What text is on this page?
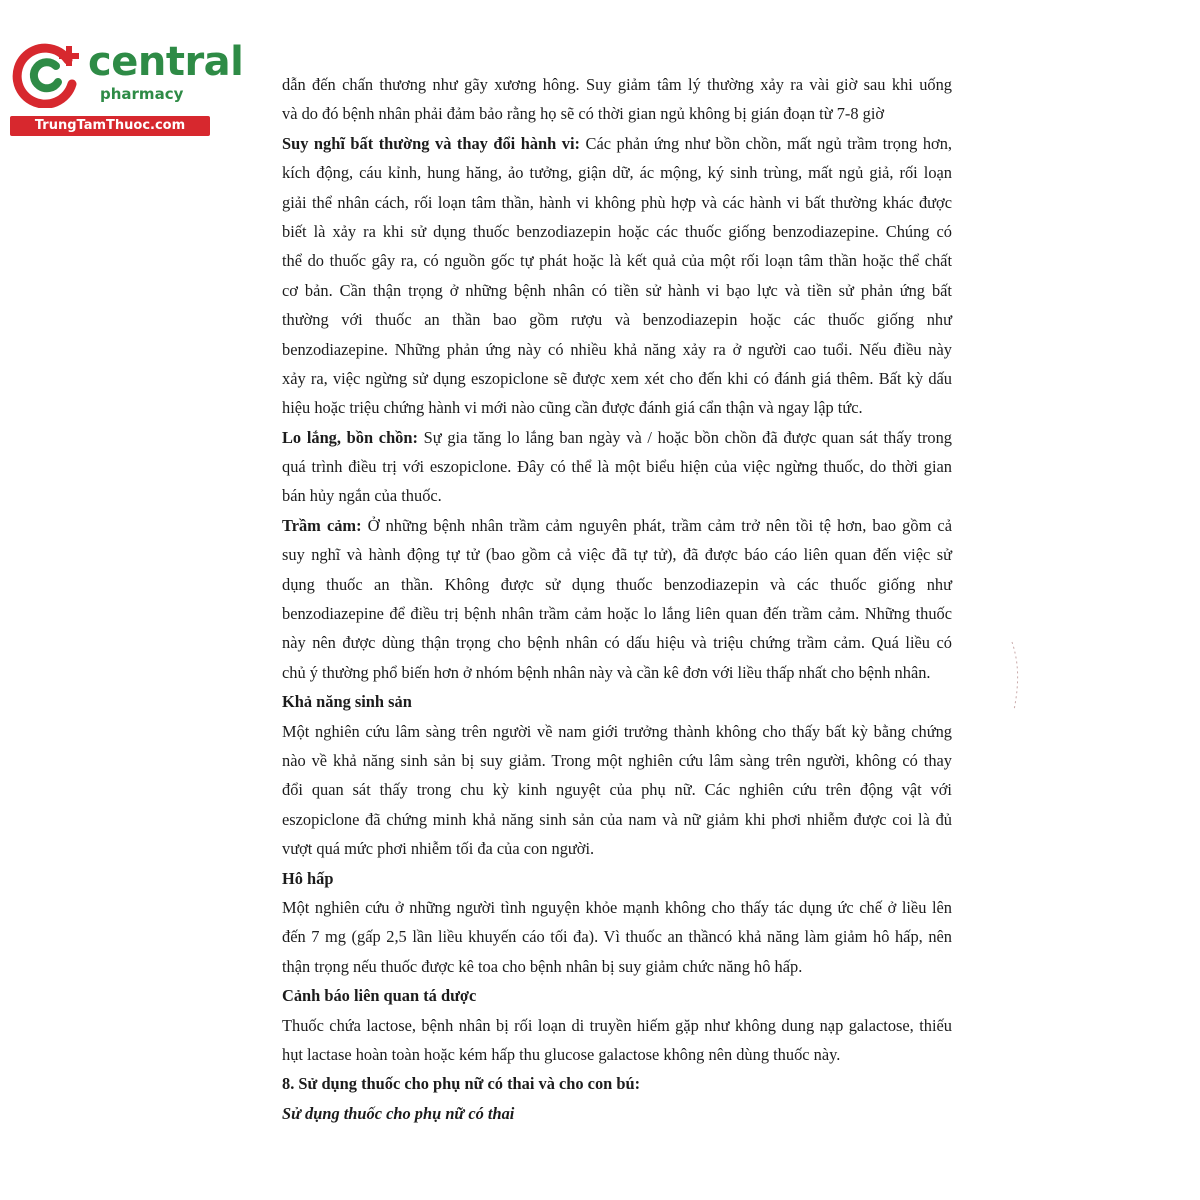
central
pharmacy
TrungTamThuoc.com
dẫn đến chấn thương như gãy xương hông. Suy giảm tâm lý thường xảy ra vài giờ sau khi uống
và do đó bệnh nhân phải đảm bảo rằng họ sẽ có thời gian ngủ không bị gián đoạn từ 7-8 giờ
Suy nghĩ bất thường và thay đổi hành vi: Các phản ứng như bồn chồn, mất ngủ trầm trọng hơn,
kích động, cáu kỉnh, hung hăng, ảo tưởng, giận dữ, ác mộng, ký sinh trùng, mất ngủ giả, rối loạn
giải thể nhân cách, rối loạn tâm thần, hành vi không phù hợp và các hành vi bất thường khác được
biết là xảy ra khi sử dụng thuốc benzodiazepin hoặc các thuốc giống benzodiazepine. Chúng có
thể do thuốc gây ra, có nguồn gốc tự phát hoặc là kết quả của một rối loạn tâm thần hoặc thể chất
cơ bản. Cần thận trọng ở những bệnh nhân có tiền sử hành vi bạo lực và tiền sử phản ứng bất
thường với thuốc an thần bao gồm rượu và benzodiazepin hoặc các thuốc giống như
benzodiazepine. Những phản ứng này có nhiều khả năng xảy ra ở người cao tuổi. Nếu điều này
xảy ra, việc ngừng sử dụng eszopiclone sẽ được xem xét cho đến khi có đánh giá thêm. Bất kỳ dấu
hiệu hoặc triệu chứng hành vi mới nào cũng cần được đánh giá cẩn thận và ngay lập tức.
Lo lắng, bồn chồn: Sự gia tăng lo lắng ban ngày và / hoặc bồn chồn đã được quan sát thấy trong
quá trình điều trị với eszopiclone. Đây có thể là một biểu hiện của việc ngừng thuốc, do thời gian
bán hủy ngắn của thuốc.
Trầm cảm: Ở những bệnh nhân trầm cảm nguyên phát, trầm cảm trở nên tồi tệ hơn, bao gồm cả
suy nghĩ và hành động tự tử (bao gồm cả việc đã tự tử), đã được báo cáo liên quan đến việc sử
dụng thuốc an thần. Không được sử dụng thuốc benzodiazepin và các thuốc giống như
benzodiazepine để điều trị bệnh nhân trầm cảm hoặc lo lắng liên quan đến trầm cảm. Những thuốc
này nên được dùng thận trọng cho bệnh nhân có dấu hiệu và triệu chứng trầm cảm. Quá liều có
chủ ý thường phổ biến hơn ở nhóm bệnh nhân này và cần kê đơn với liều thấp nhất cho bệnh nhân.
Khả năng sinh sản
Một nghiên cứu lâm sàng trên người về nam giới trưởng thành không cho thấy bất kỳ bằng chứng
nào về khả năng sinh sản bị suy giảm. Trong một nghiên cứu lâm sàng trên người, không có thay
đổi quan sát thấy trong chu kỳ kinh nguyệt của phụ nữ. Các nghiên cứu trên động vật với
eszopiclone đã chứng minh khả năng sinh sản của nam và nữ giảm khi phơi nhiễm được coi là đủ
vượt quá mức phơi nhiễm tối đa của con người.
Hô hấp
Một nghiên cứu ở những người tình nguyện khỏe mạnh không cho thấy tác dụng ức chế ở liều lên
đến 7 mg (gấp 2,5 lần liều khuyến cáo tối đa). Vì thuốc an thầncó khả năng làm giảm hô hấp, nên
thận trọng nếu thuốc được kê toa cho bệnh nhân bị suy giảm chức năng hô hấp.
Cảnh báo liên quan tá dược
Thuốc chứa lactose, bệnh nhân bị rối loạn di truyền hiếm gặp như không dung nạp galactose, thiếu
hụt lactase hoàn toàn hoặc kém hấp thu glucose galactose không nên dùng thuốc này.
8. Sử dụng thuốc cho phụ nữ có thai và cho con bú:
Sử dụng thuốc cho phụ nữ có thai
